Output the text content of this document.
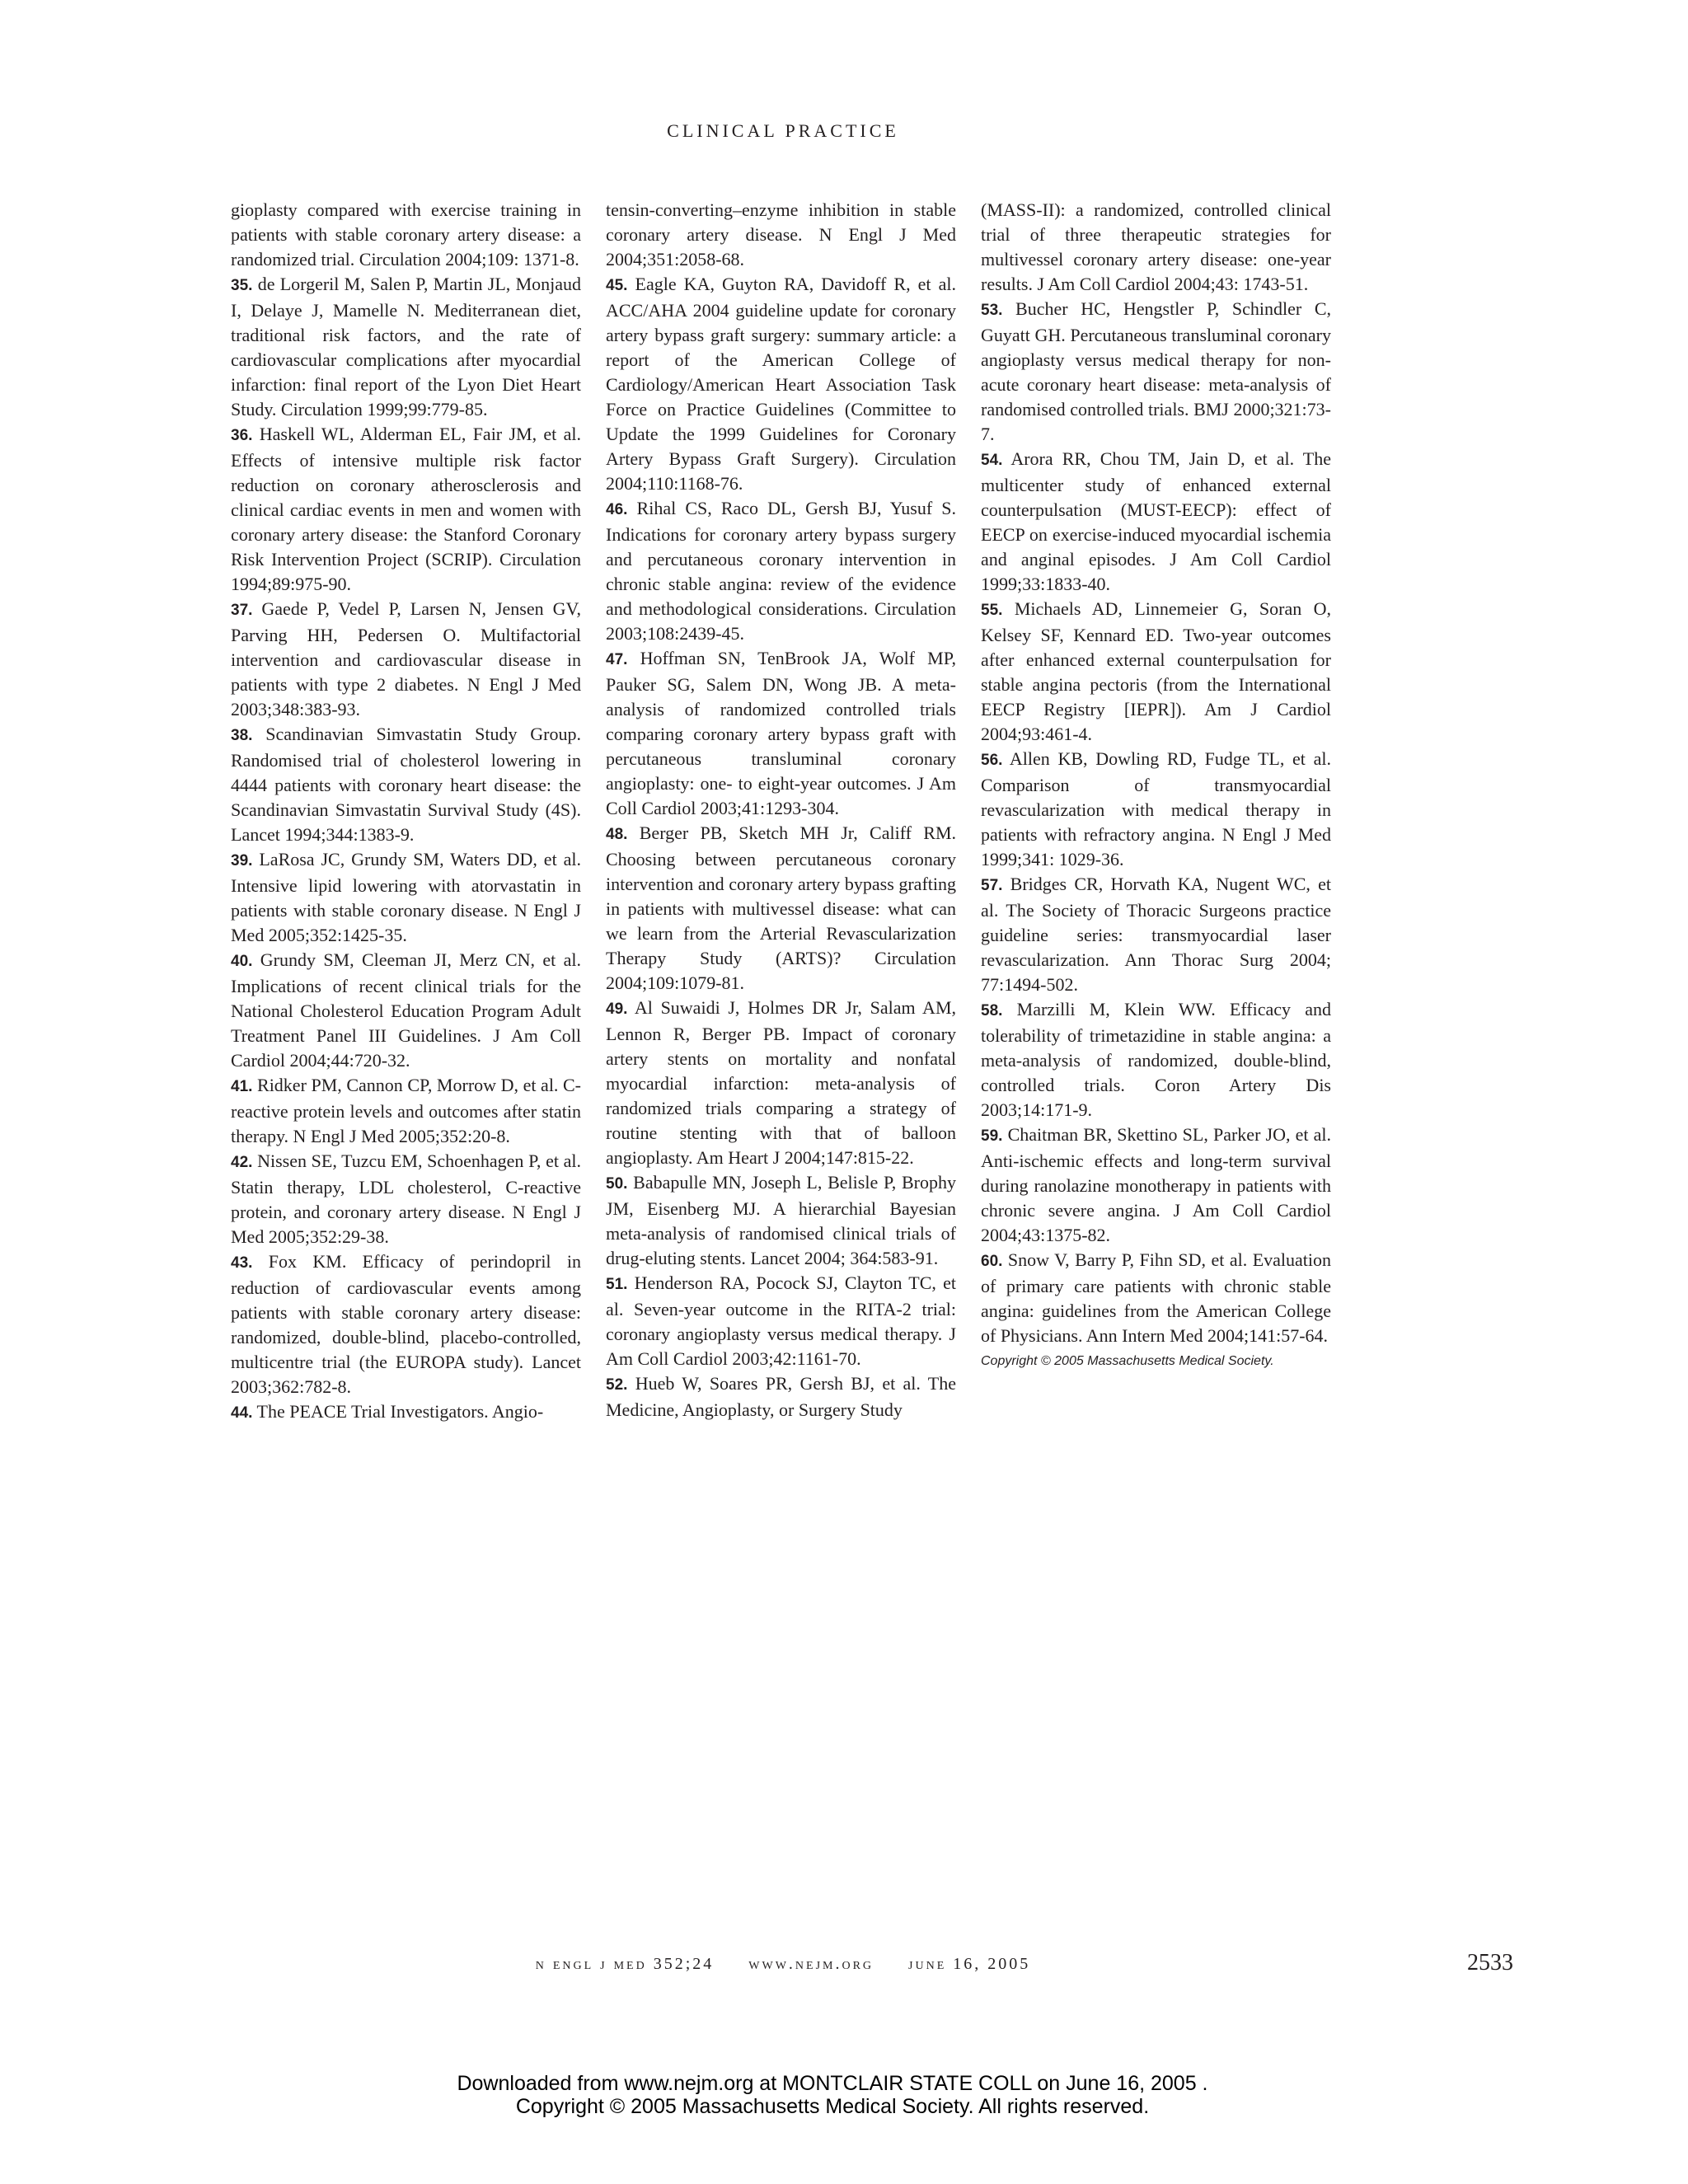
CLINICAL PRACTICE

gioplasty compared with exercise training in patients with stable coronary artery disease: a randomized trial. Circulation 2004;109: 1371-8.

35. de Lorgeril M, Salen P, Martin JL, Monjaud I, Delaye J, Mamelle N. Mediterranean diet, traditional risk factors, and the rate of cardiovascular complications after myocardial infarction: final report of the Lyon Diet Heart Study. Circulation 1999;99:779-85.

36. Haskell WL, Alderman EL, Fair JM, et al. Effects of intensive multiple risk factor reduction on coronary atherosclerosis and clinical cardiac events in men and women with coronary artery disease: the Stanford Coronary Risk Intervention Project (SCRIP). Circulation 1994;89:975-90.

37. Gaede P, Vedel P, Larsen N, Jensen GV, Parving HH, Pedersen O. Multifactorial intervention and cardiovascular disease in patients with type 2 diabetes. N Engl J Med 2003;348:383-93.

38. Scandinavian Simvastatin Study Group. Randomised trial of cholesterol lowering in 4444 patients with coronary heart disease: the Scandinavian Simvastatin Survival Study (4S). Lancet 1994;344:1383-9.

39. LaRosa JC, Grundy SM, Waters DD, et al. Intensive lipid lowering with atorvastatin in patients with stable coronary disease. N Engl J Med 2005;352:1425-35.

40. Grundy SM, Cleeman JI, Merz CN, et al. Implications of recent clinical trials for the National Cholesterol Education Program Adult Treatment Panel III Guidelines. J Am Coll Cardiol 2004;44:720-32.

41. Ridker PM, Cannon CP, Morrow D, et al. C-reactive protein levels and outcomes after statin therapy. N Engl J Med 2005;352:20-8.

42. Nissen SE, Tuzcu EM, Schoenhagen P, et al. Statin therapy, LDL cholesterol, C-reactive protein, and coronary artery disease. N Engl J Med 2005;352:29-38.

43. Fox KM. Efficacy of perindopril in reduction of cardiovascular events among patients with stable coronary artery disease: randomized, double-blind, placebo-controlled, multicentre trial (the EUROPA study). Lancet 2003;362:782-8.

44. The PEACE Trial Investigators. Angio-

tensin-converting–enzyme inhibition in stable coronary artery disease. N Engl J Med 2004;351:2058-68.

45. Eagle KA, Guyton RA, Davidoff R, et al. ACC/AHA 2004 guideline update for coronary artery bypass graft surgery: summary article: a report of the American College of Cardiology/American Heart Association Task Force on Practice Guidelines (Committee to Update the 1999 Guidelines for Coronary Artery Bypass Graft Surgery). Circulation 2004;110:1168-76.

46. Rihal CS, Raco DL, Gersh BJ, Yusuf S. Indications for coronary artery bypass surgery and percutaneous coronary intervention in chronic stable angina: review of the evidence and methodological considerations. Circulation 2003;108:2439-45.

47. Hoffman SN, TenBrook JA, Wolf MP, Pauker SG, Salem DN, Wong JB. A meta-analysis of randomized controlled trials comparing coronary artery bypass graft with percutaneous transluminal coronary angioplasty: one- to eight-year outcomes. J Am Coll Cardiol 2003;41:1293-304.

48. Berger PB, Sketch MH Jr, Califf RM. Choosing between percutaneous coronary intervention and coronary artery bypass grafting in patients with multivessel disease: what can we learn from the Arterial Revascularization Therapy Study (ARTS)? Circulation 2004;109:1079-81.

49. Al Suwaidi J, Holmes DR Jr, Salam AM, Lennon R, Berger PB. Impact of coronary artery stents on mortality and nonfatal myocardial infarction: meta-analysis of randomized trials comparing a strategy of routine stenting with that of balloon angioplasty. Am Heart J 2004;147:815-22.

50. Babapulle MN, Joseph L, Belisle P, Brophy JM, Eisenberg MJ. A hierarchial Bayesian meta-analysis of randomised clinical trials of drug-eluting stents. Lancet 2004; 364:583-91.

51. Henderson RA, Pocock SJ, Clayton TC, et al. Seven-year outcome in the RITA-2 trial: coronary angioplasty versus medical therapy. J Am Coll Cardiol 2003;42:1161-70.

52. Hueb W, Soares PR, Gersh BJ, et al. The Medicine, Angioplasty, or Surgery Study

(MASS-II): a randomized, controlled clinical trial of three therapeutic strategies for multivessel coronary artery disease: one-year results. J Am Coll Cardiol 2004;43: 1743-51.

53. Bucher HC, Hengstler P, Schindler C, Guyatt GH. Percutaneous transluminal coronary angioplasty versus medical therapy for non-acute coronary heart disease: meta-analysis of randomised controlled trials. BMJ 2000;321:73-7.

54. Arora RR, Chou TM, Jain D, et al. The multicenter study of enhanced external counterpulsation (MUST-EECP): effect of EECP on exercise-induced myocardial ischemia and anginal episodes. J Am Coll Cardiol 1999;33:1833-40.

55. Michaels AD, Linnemeier G, Soran O, Kelsey SF, Kennard ED. Two-year outcomes after enhanced external counterpulsation for stable angina pectoris (from the International EECP Registry [IEPR]). Am J Cardiol 2004;93:461-4.

56. Allen KB, Dowling RD, Fudge TL, et al. Comparison of transmyocardial revascularization with medical therapy in patients with refractory angina. N Engl J Med 1999;341: 1029-36.

57. Bridges CR, Horvath KA, Nugent WC, et al. The Society of Thoracic Surgeons practice guideline series: transmyocardial laser revascularization. Ann Thorac Surg 2004; 77:1494-502.

58. Marzilli M, Klein WW. Efficacy and tolerability of trimetazidine in stable angina: a meta-analysis of randomized, double-blind, controlled trials. Coron Artery Dis 2003;14:171-9.

59. Chaitman BR, Skettino SL, Parker JO, et al. Anti-ischemic effects and long-term survival during ranolazine monotherapy in patients with chronic severe angina. J Am Coll Cardiol 2004;43:1375-82.

60. Snow V, Barry P, Fihn SD, et al. Evaluation of primary care patients with chronic stable angina: guidelines from the American College of Physicians. Ann Intern Med 2004;141:57-64.

Copyright © 2005 Massachusetts Medical Society.
n engl j med 352;24 www.nejm.org june 16, 2005	2533
Downloaded from www.nejm.org at MONTCLAIR STATE COLL on June 16, 2005 .
Copyright © 2005 Massachusetts Medical Society. All rights reserved.
